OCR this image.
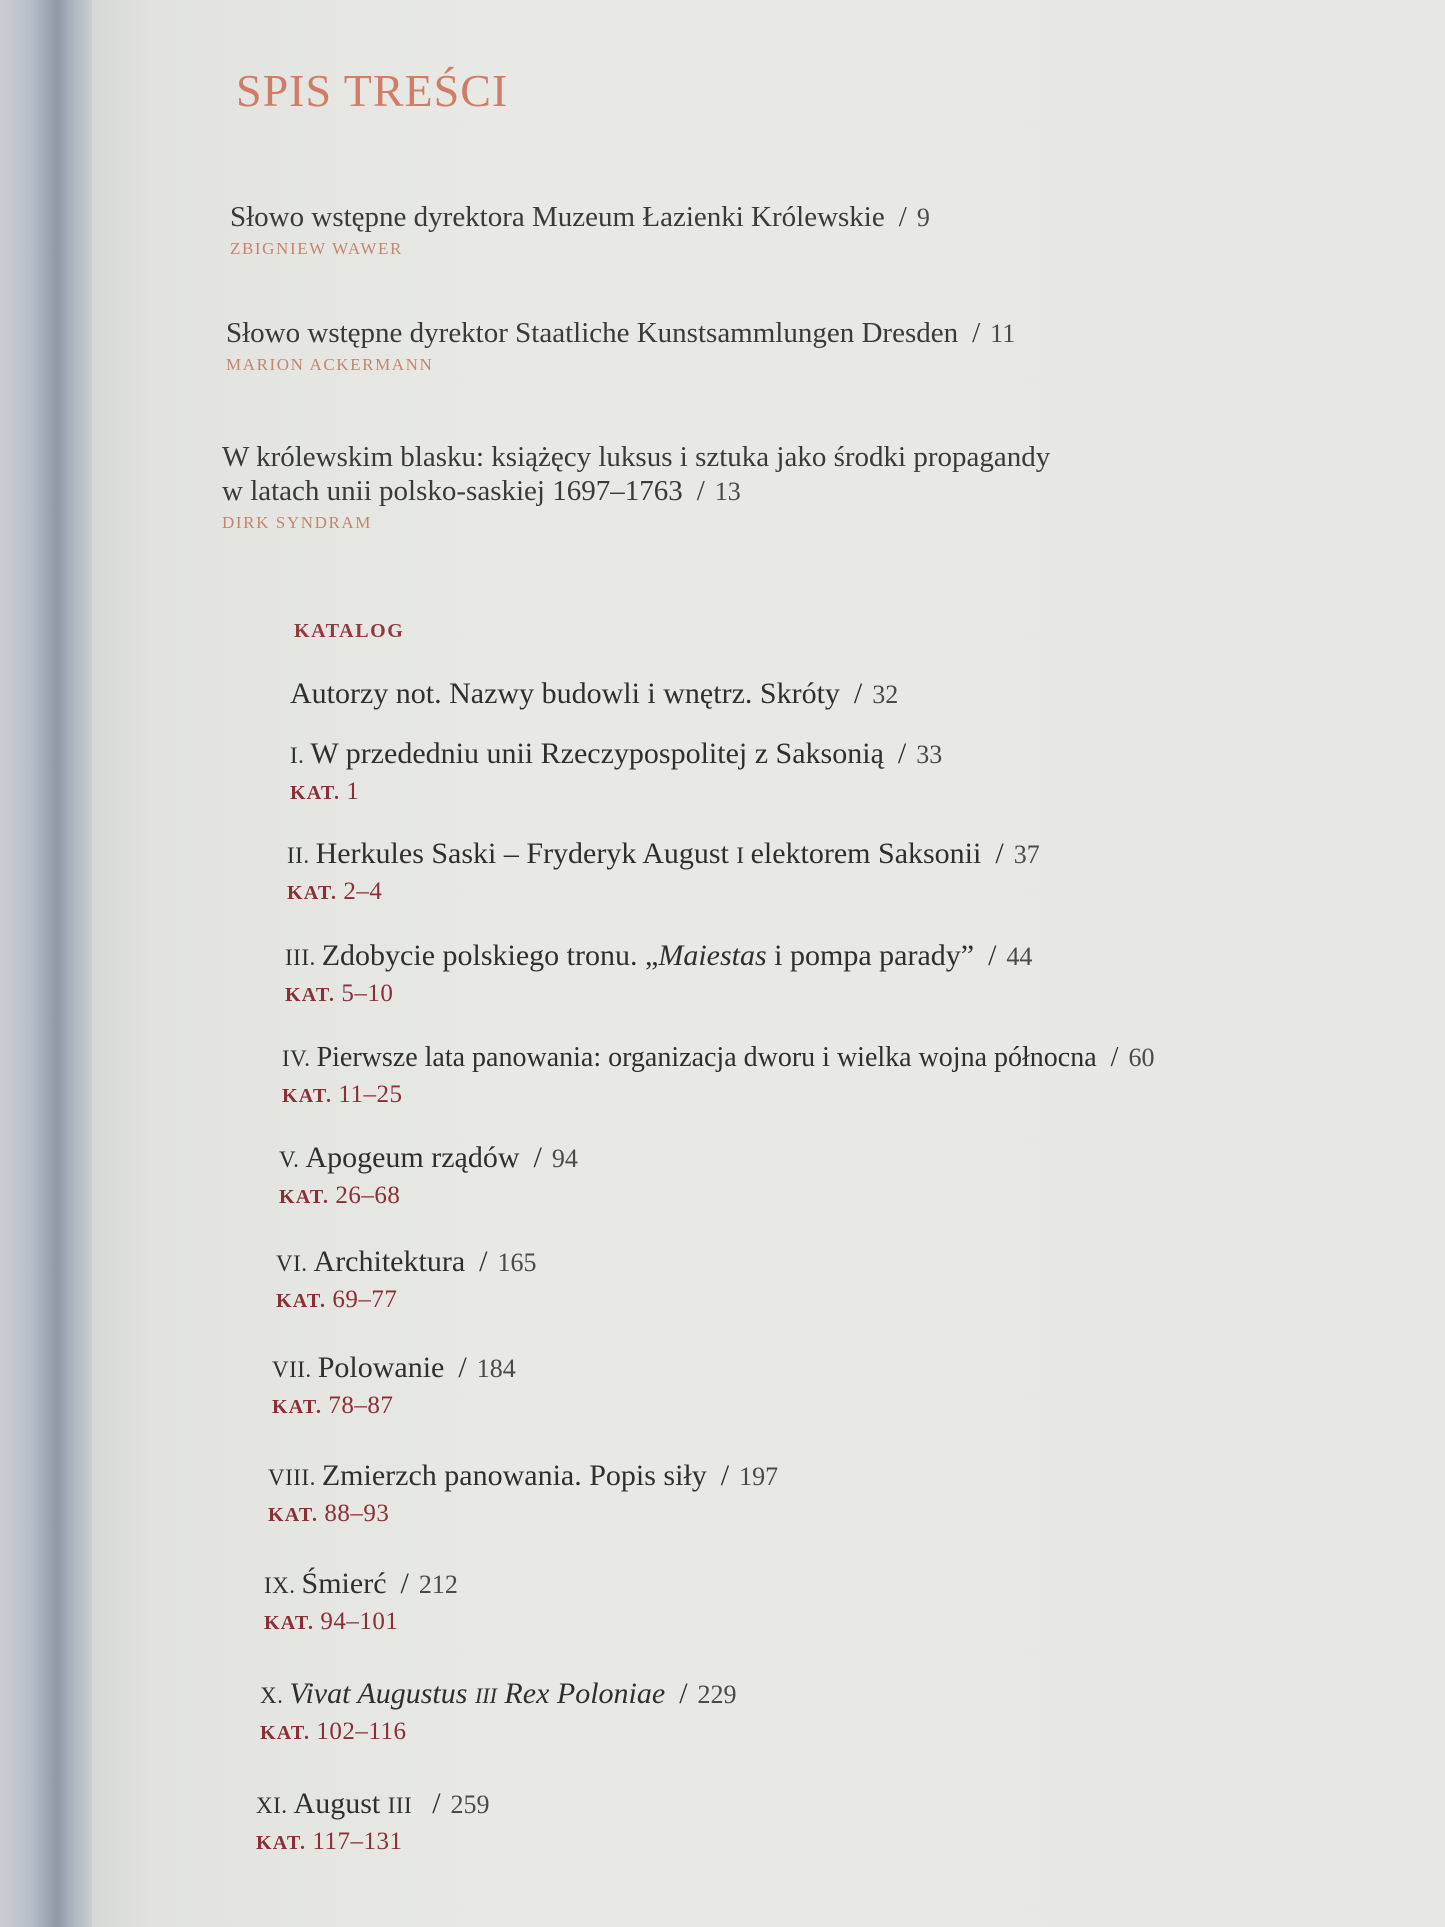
SPIS TREŚCI
Słowo wstępne dyrektora Muzeum Łazienki Królewskie / 9
ZBIGNIEW WAWER
Słowo wstępne dyrektor Staatliche Kunstsammlungen Dresden / 11
MARION ACKERMANN
W królewskim blasku: książęcy luksus i sztuka jako środki propagandy
w latach unii polsko-saskiej 1697–1763 / 13
DIRK SYNDRAM
KATALOG
Autorzy not. Nazwy budowli i wnętrz. Skróty / 32
I. W przededniu unii Rzeczypospolitej z Saksonią / 33
KAT. 1
II. Herkules Saski – Fryderyk August I elektorem Saksonii / 37
KAT. 2–4
III. Zdobycie polskiego tronu. „Maiestas i pompa parady” / 44
KAT. 5–10
IV. Pierwsze lata panowania: organizacja dworu i wielka wojna północna / 60
KAT. 11–25
V. Apogeum rządów / 94
KAT. 26–68
VI. Architektura / 165
KAT. 69–77
VII. Polowanie / 184
KAT. 78–87
VIII. Zmierzch panowania. Popis siły / 197
KAT. 88–93
IX. Śmierć / 212
KAT. 94–101
X. Vivat Augustus III Rex Poloniae / 229
KAT. 102–116
XI. August III / 259
KAT. 117–131
